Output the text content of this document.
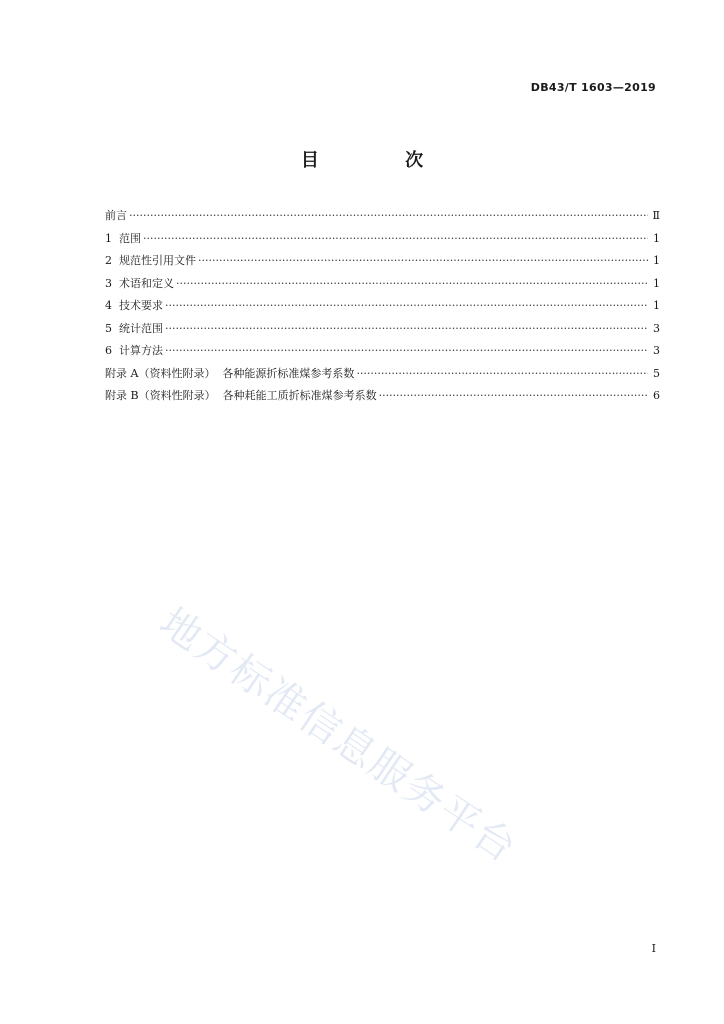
DB43/T 1603—2019
目 次
前言 ·····	Ⅱ
1  范围 ·····	1
2  规范性引用文件 ·····	1
3  术语和定义 ·····	1
4  技术要求 ·····	1
5  统计范围 ·····	3
6  计算方法 ·····	3
附录 A（资料性附录）  各种能源折标准煤参考系数 ·····	5
附录 B（资料性附录）  各种耗能工质折标准煤参考系数 ·····	6
地方标准信息服务平台
I
